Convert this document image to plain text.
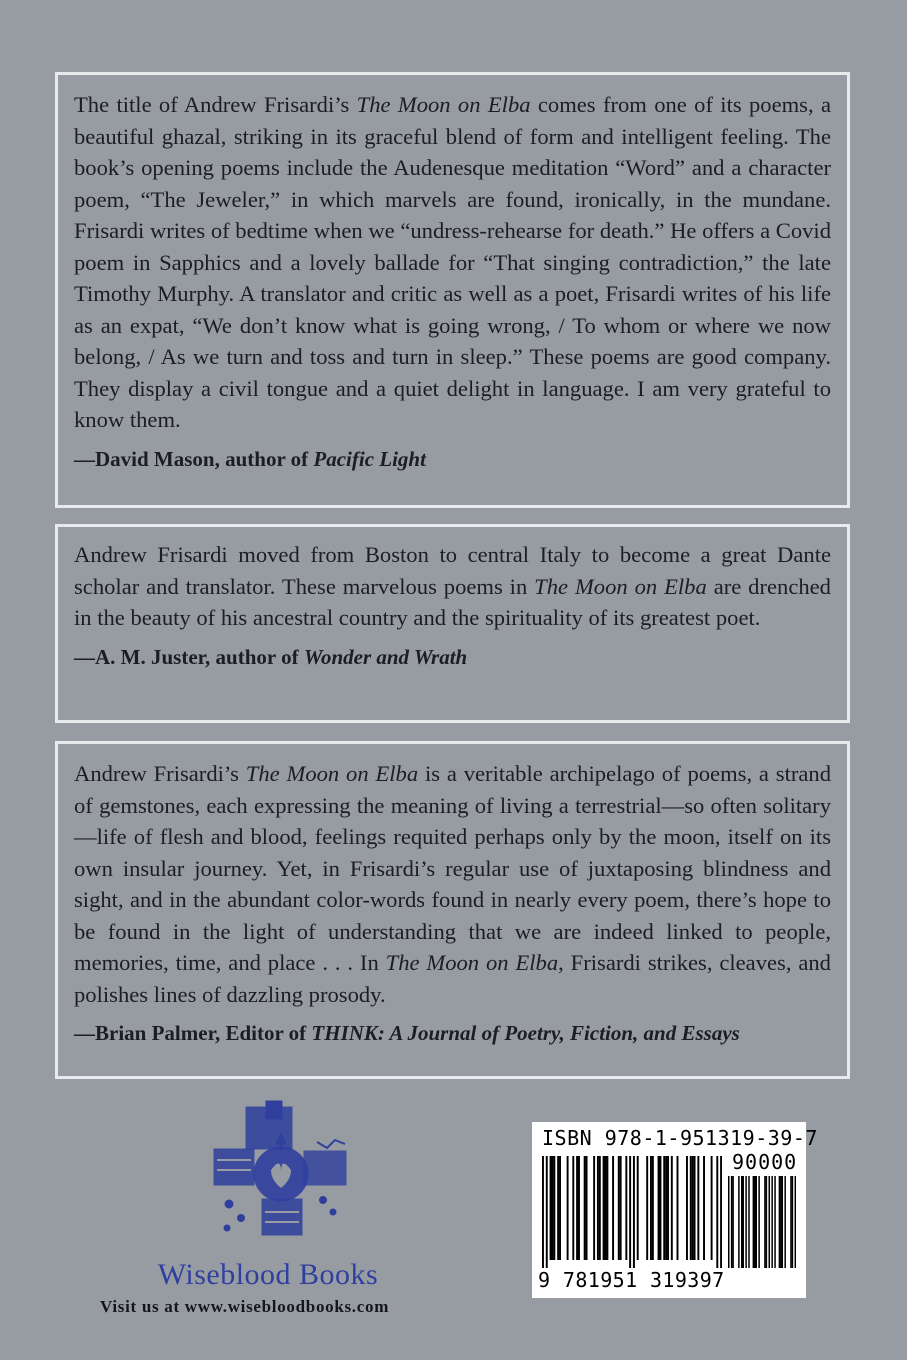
The title of Andrew Frisardi’s The Moon on Elba comes from one of its poems, a beautiful ghazal, striking in its graceful blend of form and intelligent feeling. The book’s opening poems include the Audenesque meditation “Word” and a character poem, “The Jeweler,” in which marvels are found, ironically, in the mundane. Frisardi writes of bedtime when we “undress-rehearse for death.” He offers a Covid poem in Sapphics and a lovely ballade for “That singing contradiction,” the late Timothy Murphy. A translator and critic as well as a poet, Frisardi writes of his life as an expat, “We don’t know what is going wrong, / To whom or where we now belong, / As we turn and toss and turn in sleep.” These poems are good company. They display a civil tongue and a quiet delight in language. I am very grateful to know them.

—David Mason, author of Pacific Light

Andrew Frisardi moved from Boston to central Italy to become a great Dante scholar and translator. These marvelous poems in The Moon on Elba are drenched in the beauty of his ancestral country and the spirituality of its greatest poet.

—A. M. Juster, author of Wonder and Wrath

Andrew Frisardi’s The Moon on Elba is a veritable archipelago of poems, a strand of gemstones, each expressing the meaning of living a terrestrial—so often solitary—life of flesh and blood, feelings requited perhaps only by the moon, itself on its own insular journey. Yet, in Frisardi’s regular use of juxtaposing blindness and sight, and in the abundant color-words found in nearly every poem, there’s hope to be found in the light of understanding that we are indeed linked to people, memories, time, and place . . . In The Moon on Elba, Frisardi strikes, cleaves, and polishes lines of dazzling prosody.

—Brian Palmer, Editor of THINK: A Journal of Poetry, Fiction, and Essays
Wiseblood Books
Visit us at www.wisebloodbooks.com
ISBN 978-1-951319-39-7
90000
9 781951 319397
